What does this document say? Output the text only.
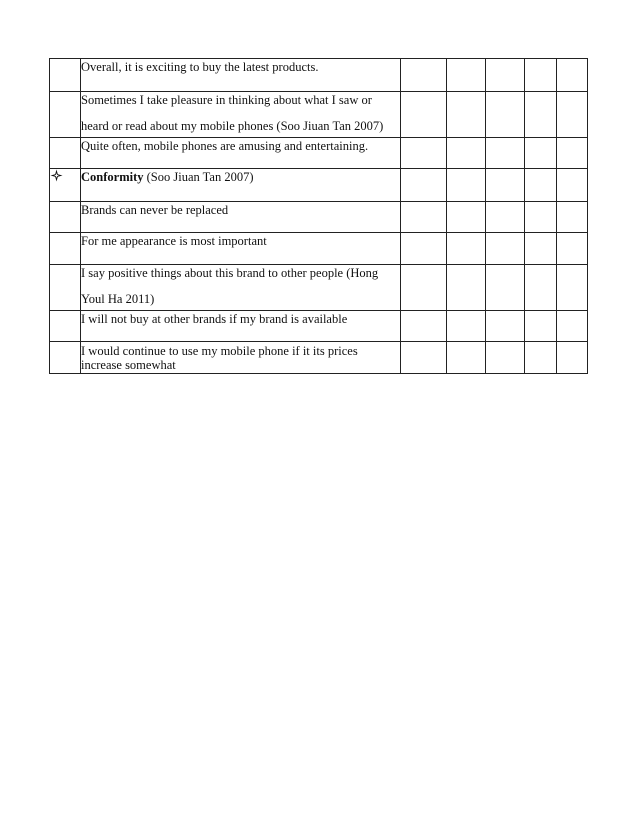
	Overall, it is exciting to buy the latest products.					

	Sometimes I take pleasure in thinking about what I saw or
heard or read about my mobile phones (Soo Jiuan Tan 2007)					

	Quite often, mobile phones are amusing and entertaining.					

Conformity (Soo Jiuan Tan 2007)					

	Brands can never be replaced					

	For me appearance is most important					

	I say positive things about this brand to other people (Hong
Youl Ha 2011)					

	I will not buy at other brands if my brand is available					

	I would continue to use my mobile phone if it its prices
increase somewhat					
